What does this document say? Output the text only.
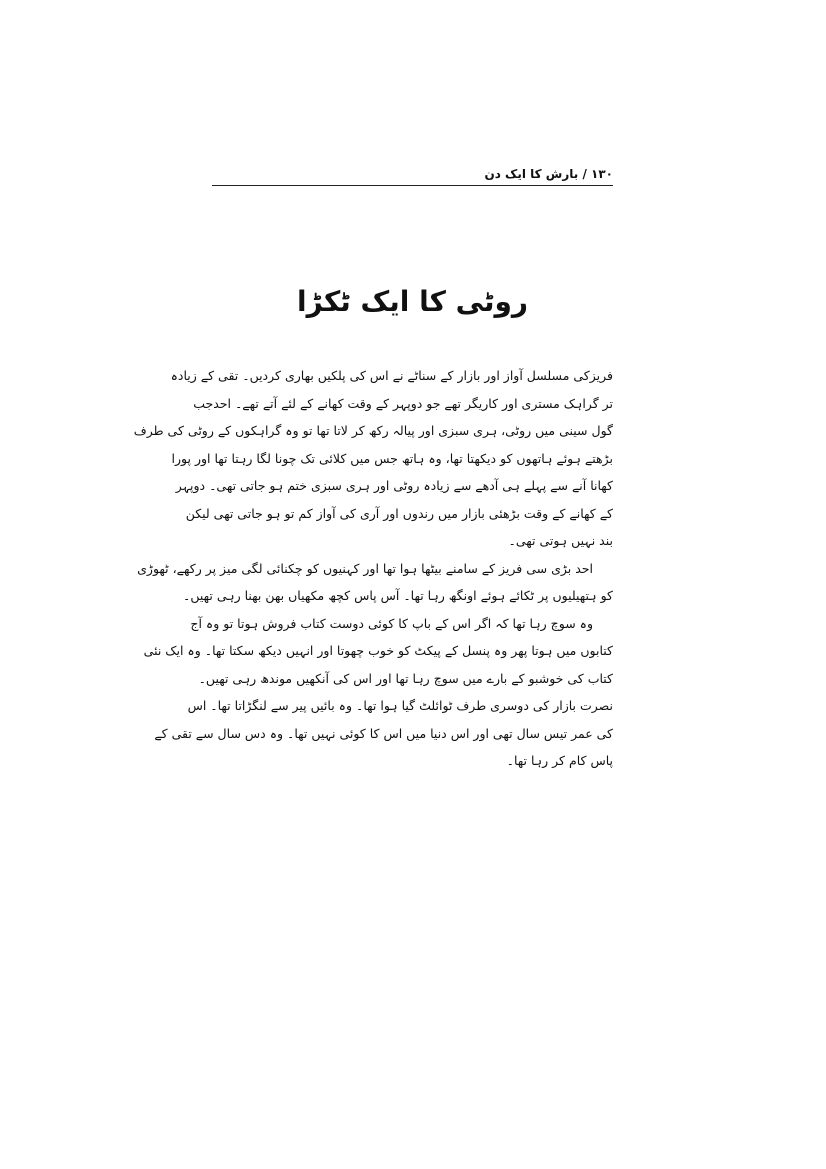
۱۳۰ / بارش کا ایک دن
روٹی کا ایک ٹکڑا
فریزکی مسلسل آواز اور بازار کے سناٹے نے اس کی پلکیں بھاری کردیں۔ تقی کے زیادہ
تر گراہک مستری اور کاریگر تھے جو دوپہر کے وقت کھانے کے لئے آتے تھے۔ احدجب
گول سینی میں روٹی، ہری سبزی اور پیالہ رکھ کر لاتا تھا تو وہ گراہکوں کے روٹی کی طرف
بڑھتے ہوئے ہاتھوں کو دیکھتا تھا، وہ ہاتھ جس میں کلائی تک چونا لگا رہتا تھا اور پورا
کھانا آنے سے پہلے ہی آدھے سے زیادہ روٹی اور ہری سبزی ختم ہو جاتی تھی۔ دوپہر
کے کھانے کے وقت بڑھئی بازار میں رندوں اور آری کی آواز کم تو ہو جاتی تھی لیکن
بند نہیں ہوتی تھی۔
احد بڑی سی فریز کے سامنے بیٹھا ہوا تھا اور کہنیوں کو چکنائی لگی میز پر رکھے، ٹھوڑی
کو ہتھیلیوں پر ٹکائے ہوئے اونگھ رہا تھا۔ آس پاس کچھ مکھیاں بھن بھنا رہی تھیں۔
وہ سوچ رہا تھا کہ اگر اس کے باپ کا کوئی دوست کتاب فروش ہوتا تو وہ آج
کتابوں میں ہوتا پھر وہ پنسل کے پیکٹ کو خوب چھوتا اور انہیں دیکھ سکتا تھا۔ وہ ایک نئی
کتاب کی خوشبو کے بارے میں سوچ رہا تھا اور اس کی آنکھیں موندھ رہی تھیں۔
نصرت بازار کی دوسری طرف ٹوائلٹ گیا ہوا تھا۔ وہ بائیں پیر سے لنگڑاتا تھا۔ اس
کی عمر تیس سال تھی اور اس دنیا میں اس کا کوئی نہیں تھا۔ وہ دس سال سے تقی کے
پاس کام کر رہا تھا۔
